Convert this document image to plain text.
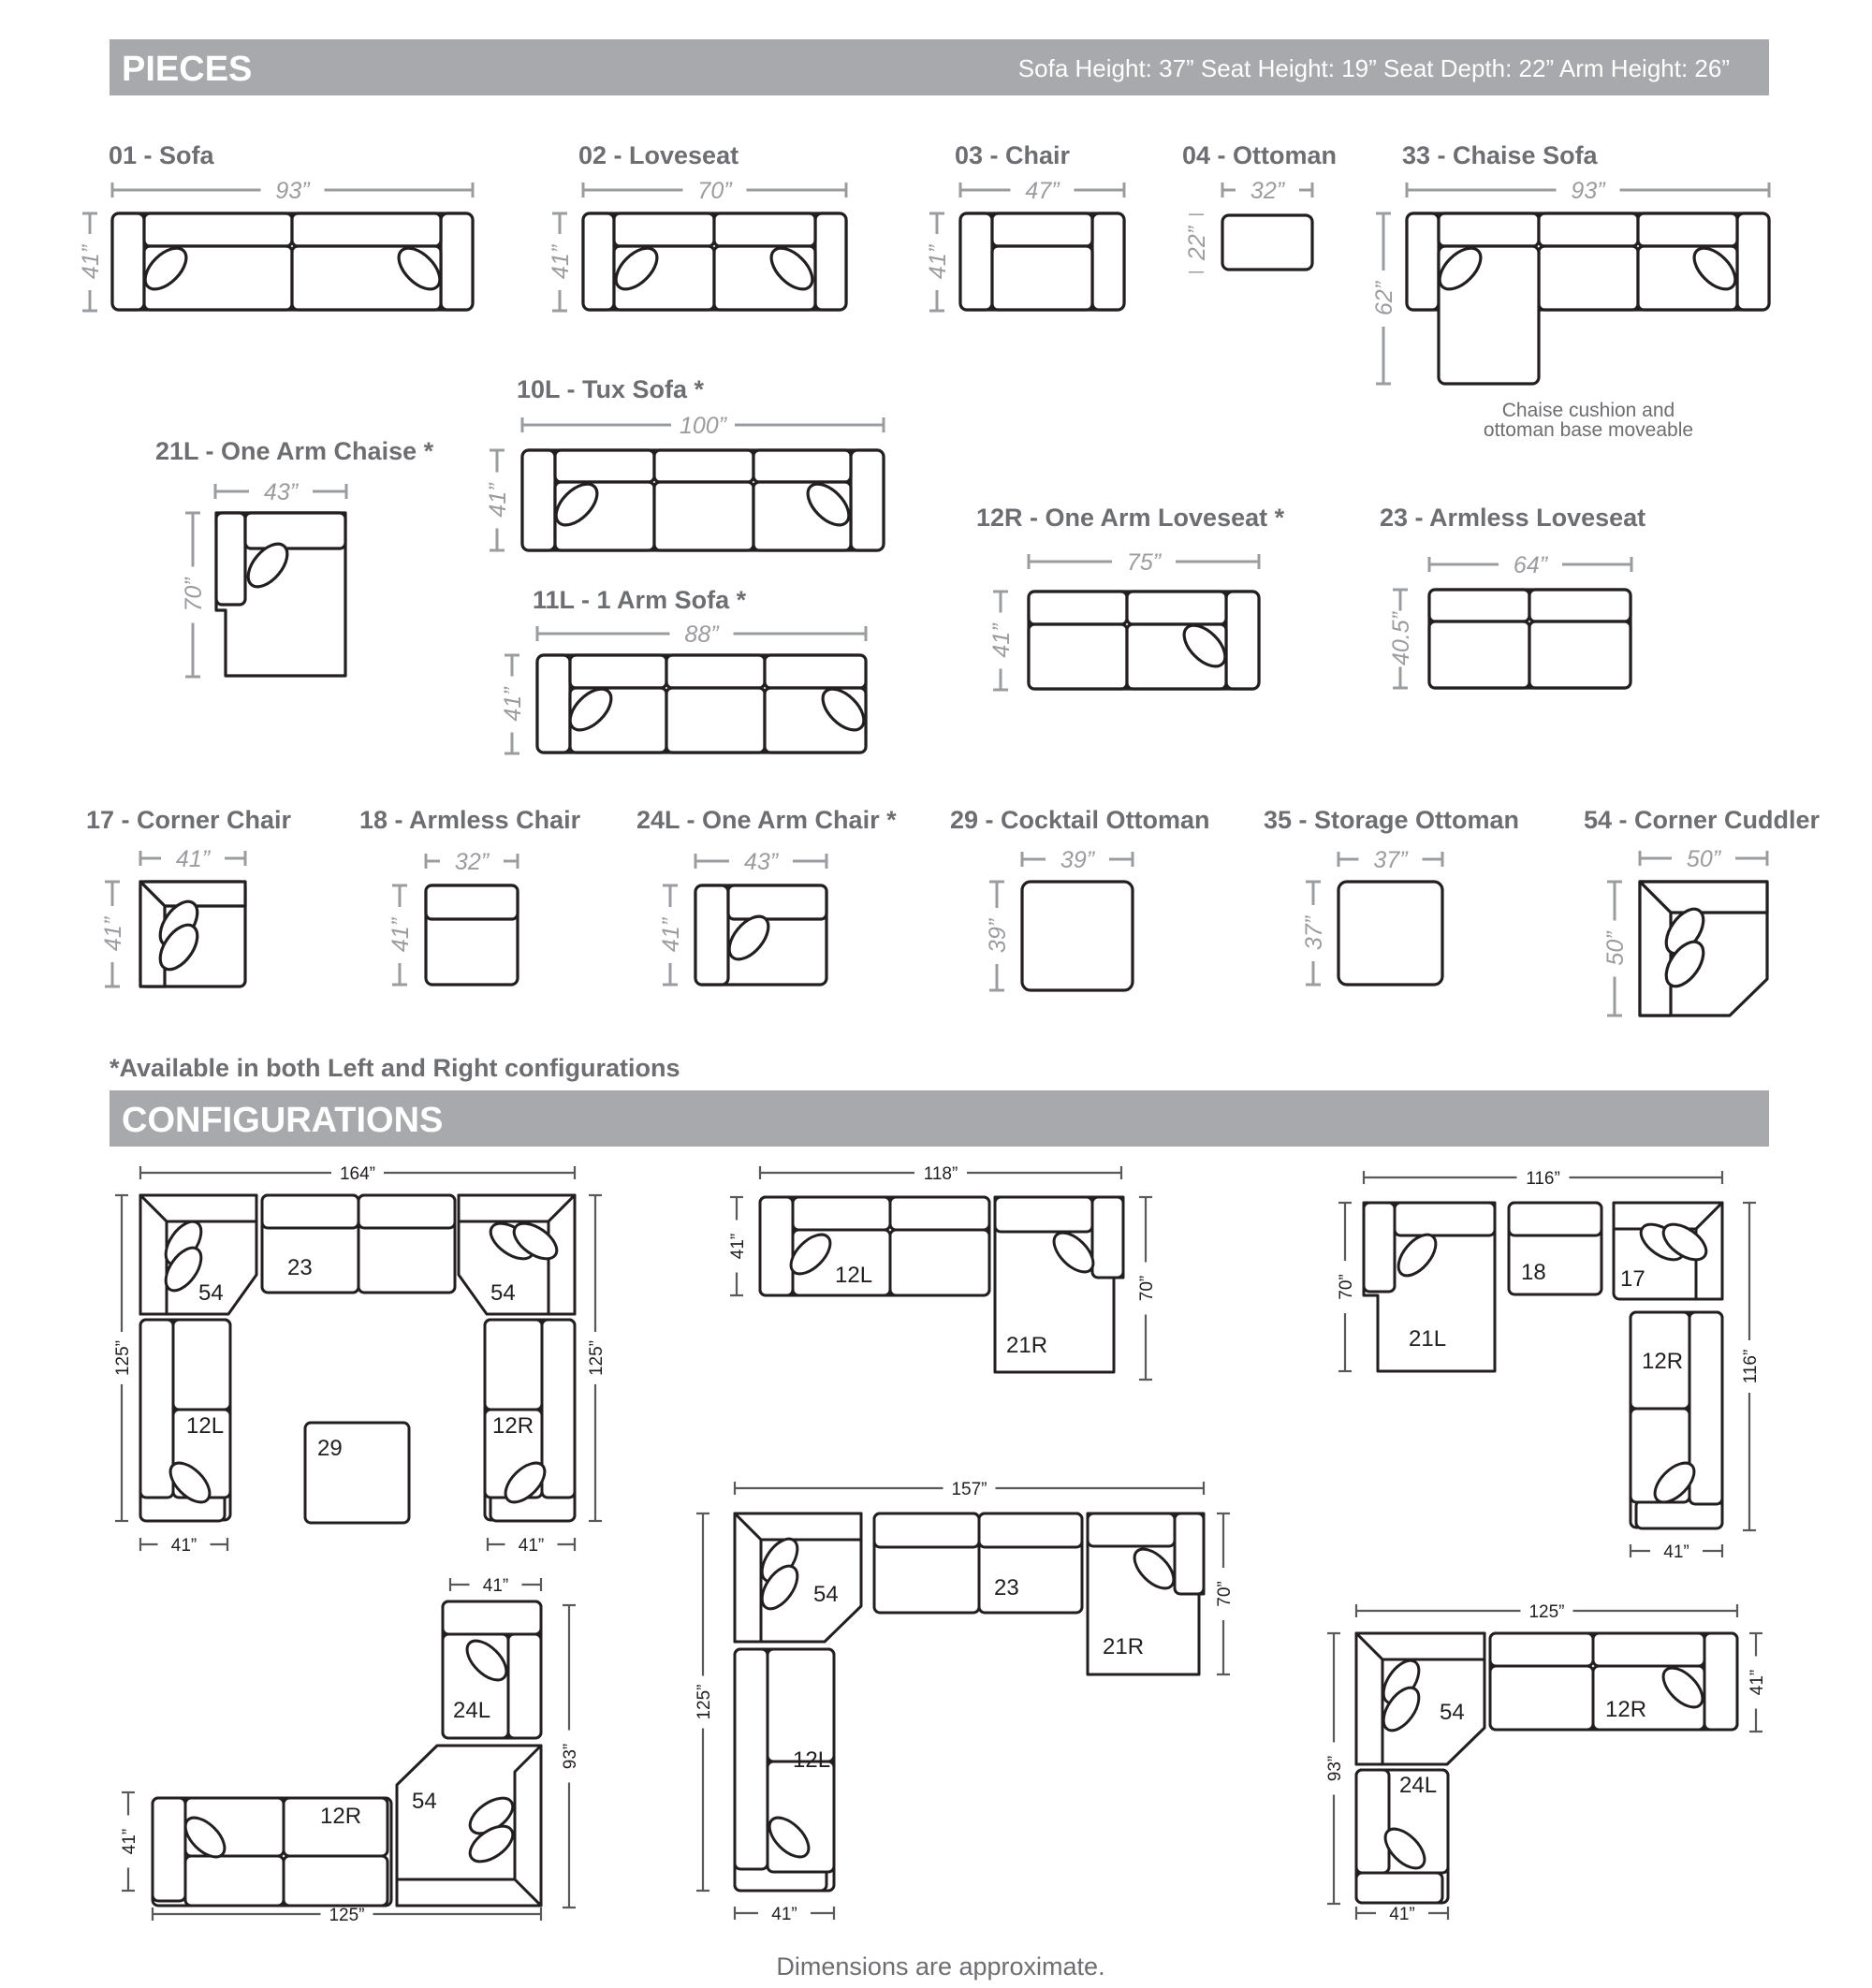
PIECES	Sofa Height: 37” Seat Height: 19” Seat Depth: 22” Arm Height: 26”
01 - Sofa
93”
41”
02 - Loveseat
70”
41”
03 - Chair
47”
41”
04 - Ottoman
32”
22”
33 - Chaise Sofa
93”
62”
Chaise cushion and
ottoman base moveable
21L - One Arm Chaise *
43”
70”
10L - Tux Sofa *
100”
41”
11L - 1 Arm Sofa *
88”
41”
12R - One Arm Loveseat *
75”
41”
23 - Armless Loveseat
64”
40.5”
17 - Corner Chair
41”
41”
18 - Armless Chair
32”
41”
24L - One Arm Chair *
43”
41”
29 - Cocktail Ottoman
39”
39”
35 - Storage Ottoman
37”
37”
54 - Corner Cuddler
50”
50”
*Available in both Left and Right configurations
CONFIGURATIONS
164”
125”	125”
41”	41”
54
23
54
12L
29
12R
118”
41”
70”
12L
21R
116”
70”
116”
41”
21L
18	17
12R
41”
93”
41”
125”
24L
54
12R
157”
70”
125”
41”
54	23
21R
12L
125”
41”
93”
41”
54	12R
24L
Dimensions are approximate.
